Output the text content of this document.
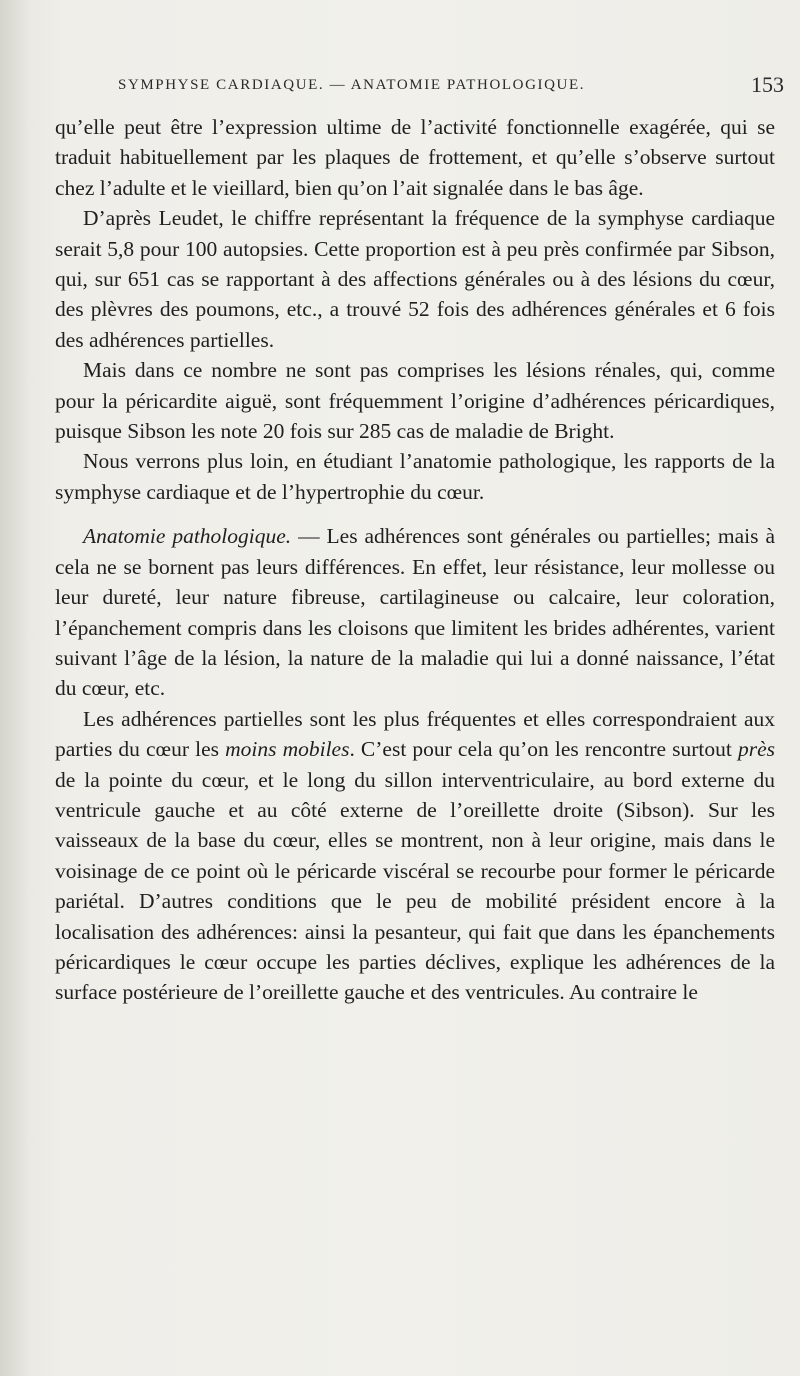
SYMPHYSE CARDIAQUE. — ANATOMIE PATHOLOGIQUE.	153

qu’elle peut être l’expression ultime de l’activité fonctionnelle exagérée, qui se traduit habituellement par les plaques de frottement, et qu’elle s’observe surtout chez l’adulte et le vieillard, bien qu’on l’ait signalée dans le bas âge.

D’après Leudet, le chiffre représentant la fréquence de la symphyse cardiaque serait 5,8 pour 100 autopsies. Cette proportion est à peu près confirmée par Sibson, qui, sur 651 cas se rapportant à des affections générales ou à des lésions du cœur, des plèvres des poumons, etc., a trouvé 52 fois des adhérences générales et 6 fois des adhérences partielles.

Mais dans ce nombre ne sont pas comprises les lésions rénales, qui, comme pour la péricardite aiguë, sont fréquemment l’origine d’adhérences péricardiques, puisque Sibson les note 20 fois sur 285 cas de maladie de Bright.

Nous verrons plus loin, en étudiant l’anatomie pathologique, les rapports de la symphyse cardiaque et de l’hypertrophie du cœur.

Anatomie pathologique. — Les adhérences sont générales ou partielles; mais à cela ne se bornent pas leurs différences. En effet, leur résistance, leur mollesse ou leur dureté, leur nature fibreuse, cartilagineuse ou calcaire, leur coloration, l’épanchement compris dans les cloisons que limitent les brides adhérentes, varient suivant l’âge de la lésion, la nature de la maladie qui lui a donné naissance, l’état du cœur, etc.

Les adhérences partielles sont les plus fréquentes et elles correspondraient aux parties du cœur les moins mobiles. C’est pour cela qu’on les rencontre surtout près de la pointe du cœur, et le long du sillon interventriculaire, au bord externe du ventricule gauche et au côté externe de l’oreillette droite (Sibson). Sur les vaisseaux de la base du cœur, elles se montrent, non à leur origine, mais dans le voisinage de ce point où le péricarde viscéral se recourbe pour former le péricarde pariétal. D’autres conditions que le peu de mobilité président encore à la localisation des adhérences: ainsi la pesanteur, qui fait que dans les épanchements péricardiques le cœur occupe les parties déclives, explique les adhérences de la surface postérieure de l’oreillette gauche et des ventricules. Au contraire le
